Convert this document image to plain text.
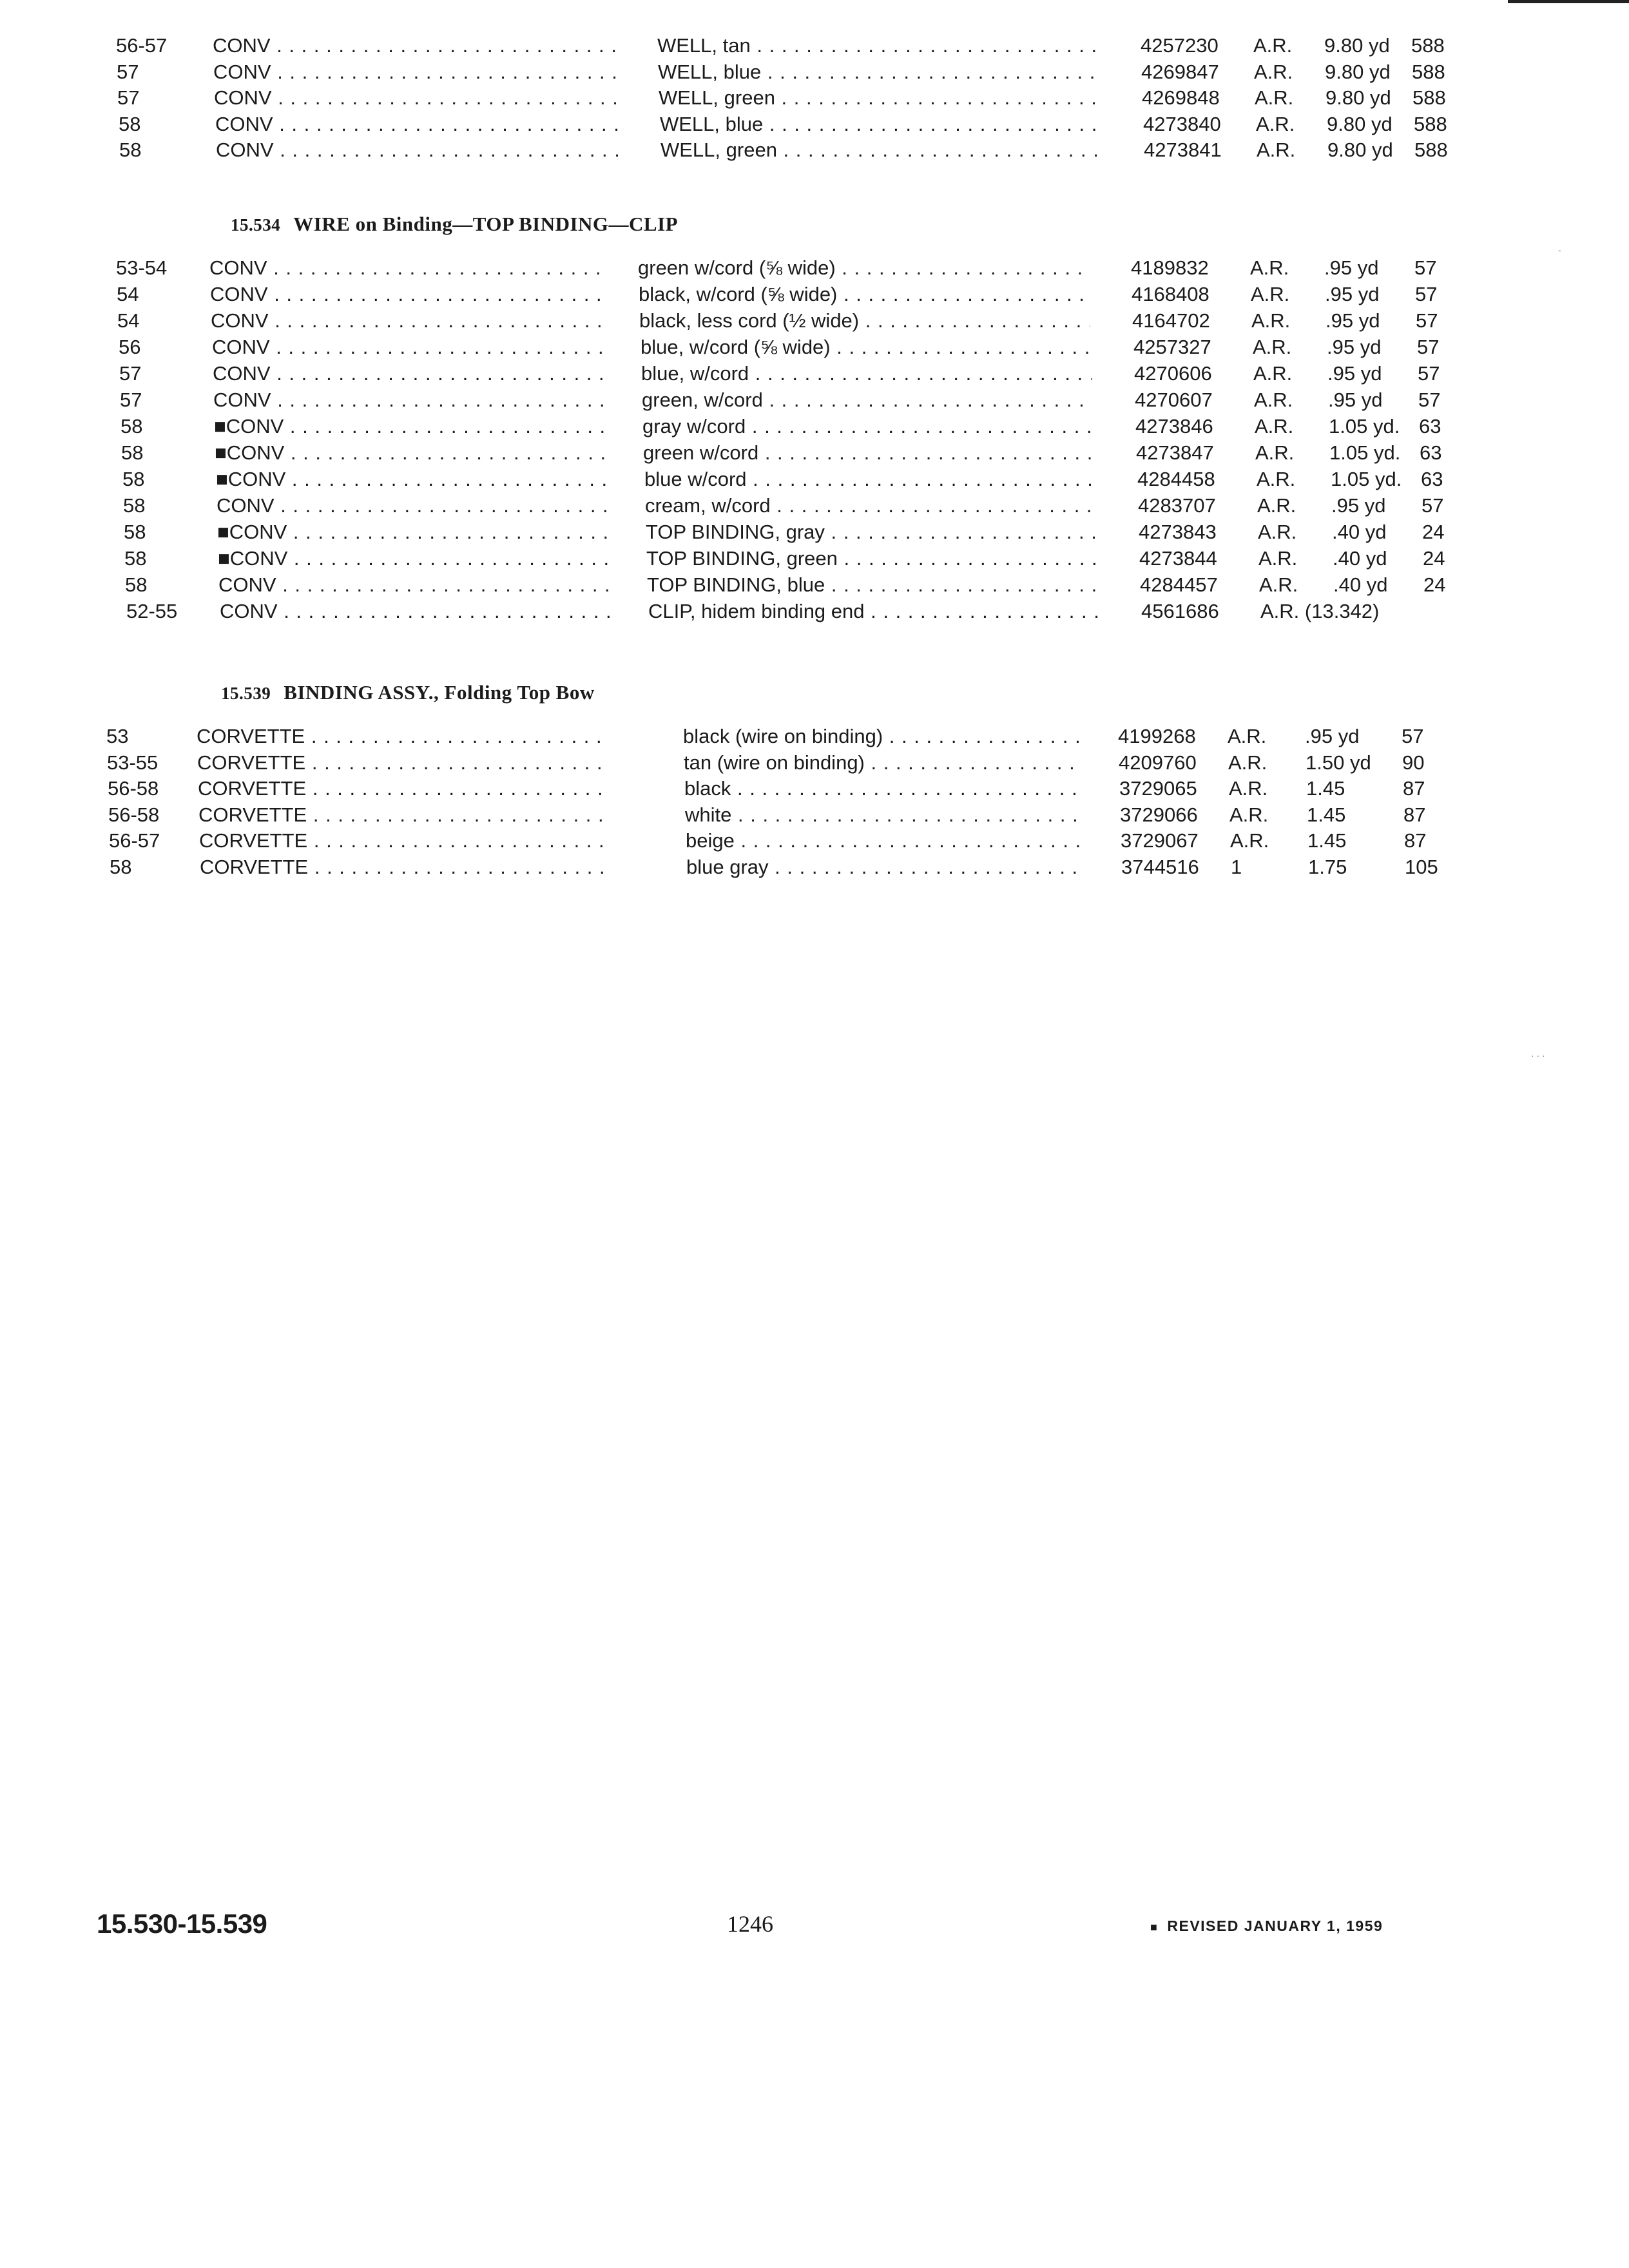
56-57 CONV . . .	WELL, tan . . .	4257230 A.R. 9.80 yd 588
57	CONV . . .	WELL, blue . . .	4269847 A.R. 9.80 yd 588
57	CONV . . .	WELL, green . . .	4269848 A.R. 9.80 yd 588
58	CONV . . .	WELL, blue . . .	4273840 A.R. 9.80 yd 588
58	CONV . . .	WELL, green . . .	4273841 A.R. 9.80 yd 588
15.534 WIRE on Binding—TOP BINDING—CLIP
53-54 CONV . . .	green w/cord (⅝ wide) . . .	4189832 A.R. .95 yd 57
54	CONV . . .	black, w/cord (⅝ wide) . . .	4168408 A.R. .95 yd 57
54	CONV . . .	black, less cord (½ wide) . . .	4164702 A.R. .95 yd 57
56	CONV . . .	blue, w/cord (⅝ wide) . . .	4257327 A.R. .95 yd 57
57	CONV . . .	blue, w/cord . . .	4270606 A.R. .95 yd 57
57	CONV . . .	green, w/cord . . .	4270607 A.R. .95 yd 57
58	■CONV . . .	gray w/cord . . .	4273846 A.R. 1.05 yd. 63
58	■CONV . . .	green w/cord . . .	4273847 A.R. 1.05 yd. 63
58	■CONV . . .	blue w/cord . . .	4284458 A.R. 1.05 yd. 63
58	CONV . . .	cream, w/cord . . .	4283707 A.R. .95 yd 57
58	■CONV . . .	TOP BINDING, gray . . .	4273843 A.R. .40 yd 24
58	■CONV . . .	TOP BINDING, green . . .	4273844 A.R. .40 yd 24
58	CONV . . .	TOP BINDING, blue . . .	4284457 A.R. .40 yd 24
52-55 CONV . . .	CLIP, hidem binding end . . .	4561686 A.R. (13.342)
15.539 BINDING ASSY., Folding Top Bow
53	CORVETTE . . .	black (wire on binding) . . .	4199268 A.R. .95 yd 57
53-55 CORVETTE . . .	tan (wire on binding) . . .	4209760 A.R. 1.50 yd 90
56-58 CORVETTE . . .	black . . .	3729065 A.R. 1.45	87
56-58 CORVETTE . . .	white . . .	3729066 A.R. 1.45	87
56-57 CORVETTE . . .	beige . . .	3729067 A.R. 1.45	87
58	CORVETTE . . .	blue gray . . .	3744516 1	1.75	105
15.530-15.539	1246	■ REVISED JANUARY 1, 1959
-
· · ·
